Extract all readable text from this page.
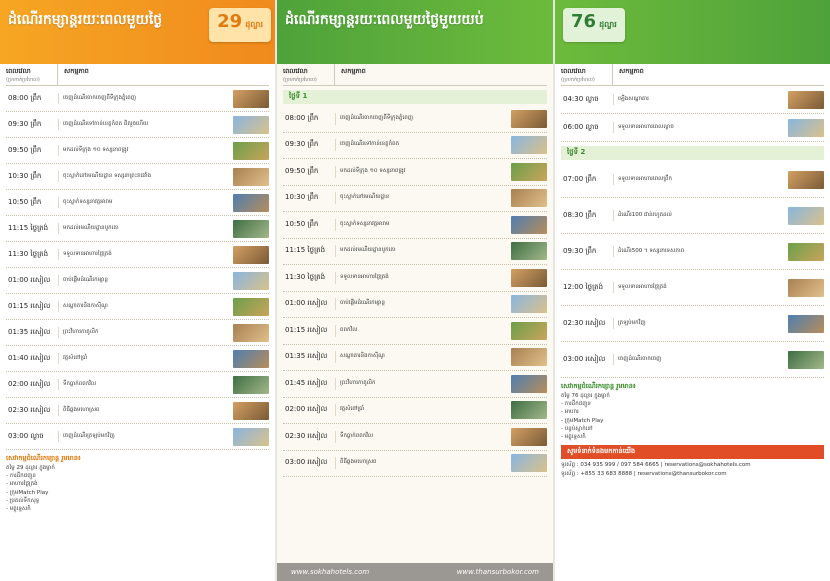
ដំណើរកម្សាន្តរយៈពេលមួយថ្ងៃ	29 ដុល្លារ
ពេលវេលា
(ប្រហាក់ប្រហែល)
សកម្មភាព
08:00 ព្រឹក	ចេញដំណើរចាកចេញពីទីក្រុងភ្នំពេញ
09:30 ព្រឹក	ចេញដំណើរទៅកាន់ខេត្តកំពត ជិតរួចហើយ
09:50 ព្រឹក	មកដល់ទីក្រុង ១០ ទស្សនាពង្រូវ
10:30 ព្រឹក	ចុះស្នាក់នៅរមណីយដ្ឋាន ទស្សនាព្រះរាជវាំង
10:50 ព្រឹក	ចុះស្នាក់ទស្សនាវត្តអារាម
11:15 ថ្ងៃត្រង់	មកដល់រមណីយដ្ឋានបូកគោ
11:30 ថ្ងៃត្រង់	ទទួលទានអាហារថ្ងៃត្រង់
01:00 រសៀល	ចាប់ផ្ដើមដំណើរកម្សាន្ត
01:15 រសៀល	សណ្ឋាគារនិងកាស៊ីណូ
01:35 រសៀល	ព្រះវិហារកាតូលិក
01:40 រសៀល	វត្តសំពៅប្រាំ
02:00 រសៀល	ទឹកធ្លាក់ពពកវិល
02:30 រសៀល	ពិធីឆ្លងមហោស្រព
03:00 ល្ងាច	ចេញដំណើរត្រឡប់មកវិញ
សេវាកម្មដំណើរកម្សាន្ត រួមមាន៖
តម្លៃ 29 ដុល្លារ ក្នុងម្នាក់
- ការដឹកជញ្ជូន
- អាហារថ្ងៃត្រង់
- ក្រុមMatch Play
- ប្រគល់ទឹកសុទ្ធ
- មគ្គុទ្ទេសក៍
ដំណើរកម្សាន្តរយៈពេលមួយថ្ងៃមួយយប់
ពេលវេលា
(ប្រហាក់ប្រហែល)
សកម្មភាព
ថ្ងៃទី 1
08:00 ព្រឹក	ចេញដំណើរចាកចេញពីទីក្រុងភ្នំពេញ
09:30 ព្រឹក	ចេញដំណើរទៅកាន់ខេត្តកំពត
09:50 ព្រឹក	មកដល់ទីក្រុង ១០ ទស្សនាពង្រូវ
10:30 ព្រឹក	ចុះស្នាក់នៅរមណីយដ្ឋាន
10:50 ព្រឹក	ចុះស្នាក់ទស្សនាវត្តអារាម
11:15 ថ្ងៃត្រង់	មកដល់រមណីយដ្ឋានបូកគោ
11:30 ថ្ងៃត្រង់	ទទួលទានអាហារថ្ងៃត្រង់
01:00 រសៀល	ចាប់ផ្ដើមដំណើរកម្សាន្ត
01:15 រសៀល	ពពកវិល
01:35 រសៀល	សណ្ឋាគារនិងកាស៊ីណូ
01:45 រសៀល	ព្រះវិហារកាតូលិក
02:00 រសៀល	វត្តសំពៅប្រាំ
02:30 រសៀល	ទឹកធ្លាក់ពពកវិល
03:00 រសៀល	ពិធីឆ្លងមហោស្រព
www.sokhahotels.com	www.thansurbokor.com
76 ដុល្លារ
ពេលវេលា
(ប្រហាក់ប្រហែល)
សកម្មភាព
04:30 ល្ងាច	ឡើងសណ្ឋាគារ
06:00 ល្ងាច	ទទួលទានអាហារពេលល្ងាច
ថ្ងៃទី 2
07:00 ព្រឹក	ទទួលទានអាហារពេលព្រឹក
08:30 ព្រឹក	ដំណើរ100 ជាន់រហូតដល់
09:30 ព្រឹក	ដំណើរ500 ។ ទស្សនាទេសភាព
12:00 ថ្ងៃត្រង់	ទទួលទានអាហារថ្ងៃត្រង់
02:30 រសៀល	ត្រឡប់មកវិញ
03:00 រសៀល	ចេញដំណើរចាកចេញ
សេវាកម្មដំណើរកម្សាន្ត រួមមាន៖
តម្លៃ 76 ដុល្លារ ក្នុងម្នាក់
- ការដឹកជញ្ជូន
- អាហារ
- ក្រុមMatch Play
- បន្ទប់ស្នាក់នៅ
- មគ្គុទ្ទេសក៍
សូមទំនាក់ទំនងមកកាន់យើង
ទូរស័ព្ទ : 034 935 999 / 097 584 6665 | reservations@sokhahotels.com
ទូរស័ព្ទ : +855 33 683 8888 | reservations@thansurbokor.com
